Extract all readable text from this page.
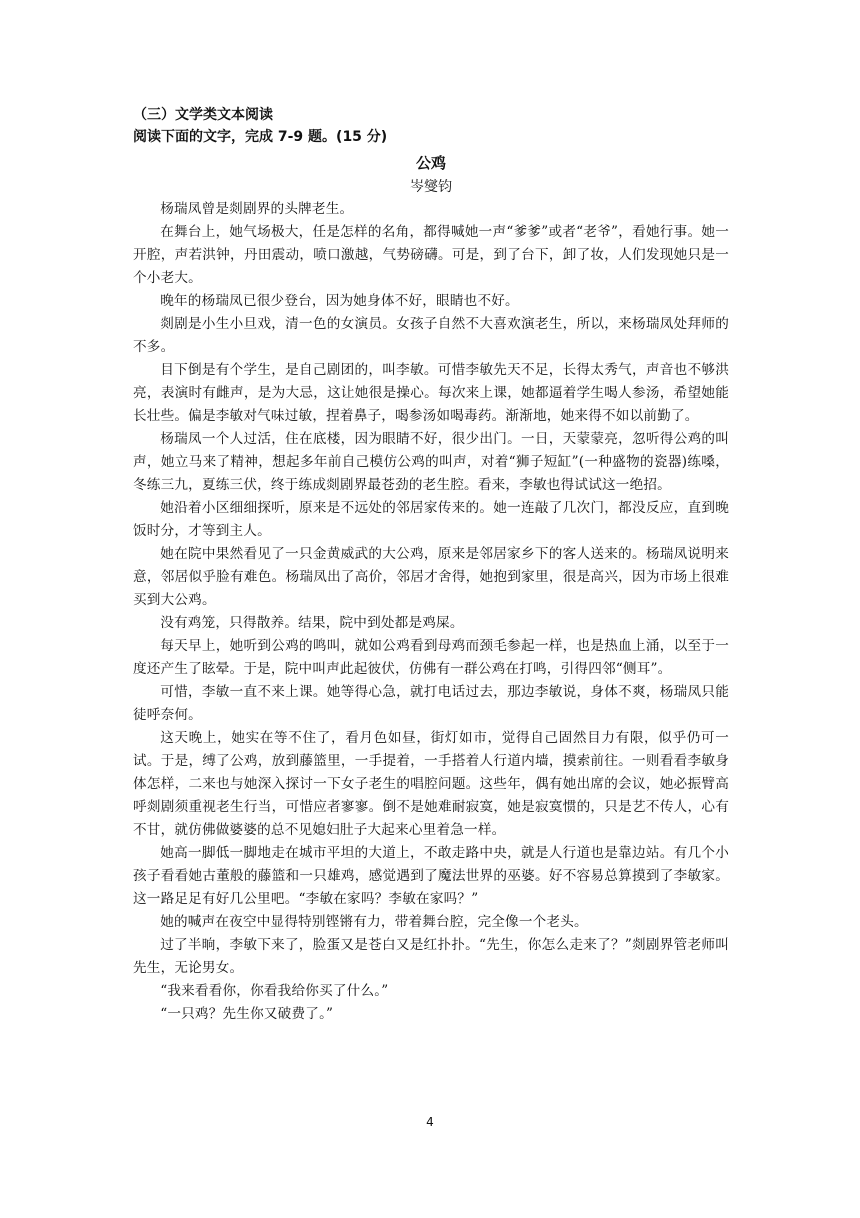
（三）文学类文本阅读

阅读下面的文字，完成 7-9 题。(15 分)

公鸡

岑燮钧

杨瑞凤曾是剡剧界的头牌老生。

在舞台上，她气场极大，任是怎样的名角，都得喊她一声“爹爹”或者“老爷”，看她行事。她一开腔，声若洪钟，丹田震动，喷口激越，气势磅礴。可是，到了台下，卸了妆，人们发现她只是一个小老大。

晚年的杨瑞凤已很少登台，因为她身体不好，眼睛也不好。

剡剧是小生小旦戏，清一色的女演员。女孩子自然不大喜欢演老生，所以，来杨瑞凤处拜师的不多。

目下倒是有个学生，是自己剧团的，叫李敏。可惜李敏先天不足，长得太秀气，声音也不够洪亮，表演时有雌声，是为大忌，这让她很是操心。每次来上课，她都逼着学生喝人参汤，希望她能长壮些。偏是李敏对气味过敏，捏着鼻子，喝参汤如喝毒药。渐渐地，她来得不如以前勤了。

杨瑞凤一个人过活，住在底楼，因为眼睛不好，很少出门。一日，天蒙蒙亮，忽听得公鸡的叫声，她立马来了精神，想起多年前自己模仿公鸡的叫声，对着“狮子短缸”(一种盛物的瓷器)练嗓，冬练三九，夏练三伏，终于练成剡剧界最苍劲的老生腔。看来，李敏也得试试这一绝招。

她沿着小区细细探听，原来是不远处的邻居家传来的。她一连敲了几次门，都没反应，直到晚饭时分，才等到主人。

她在院中果然看见了一只金黄威武的大公鸡，原来是邻居家乡下的客人送来的。杨瑞凤说明来意，邻居似乎脸有难色。杨瑞凤出了高价，邻居才舍得，她抱到家里，很是高兴，因为市场上很难买到大公鸡。

没有鸡笼，只得散养。结果，院中到处都是鸡屎。

每天早上，她听到公鸡的鸣叫，就如公鸡看到母鸡而颈毛参起一样，也是热血上涌，以至于一度还产生了眩晕。于是，院中叫声此起彼伏，仿佛有一群公鸡在打鸣，引得四邻“侧耳”。

可惜，李敏一直不来上课。她等得心急，就打电话过去，那边李敏说，身体不爽，杨瑞凤只能徒呼奈何。

这天晚上，她实在等不住了，看月色如昼，街灯如市，觉得自己固然目力有限，似乎仍可一试。于是，缚了公鸡，放到藤篮里，一手提着，一手搭着人行道内墙，摸索前往。一则看看李敏身体怎样，二来也与她深入探讨一下女子老生的唱腔问题。这些年，偶有她出席的会议，她必振臂高呼剡剧须重视老生行当，可惜应者寥寥。倒不是她难耐寂寞，她是寂寞惯的，只是艺不传人，心有不甘，就仿佛做婆婆的总不见媳妇肚子大起来心里着急一样。

她高一脚低一脚地走在城市平坦的大道上，不敢走路中央，就是人行道也是靠边站。有几个小孩子看看她古董般的藤篮和一只雄鸡，感觉遇到了魔法世界的巫婆。好不容易总算摸到了李敏家。这一路足足有好几公里吧。“李敏在家吗？李敏在家吗？”

她的喊声在夜空中显得特别铿锵有力，带着舞台腔，完全像一个老头。

过了半晌，李敏下来了，脸蛋又是苍白又是红扑扑。“先生，你怎么走来了？”剡剧界管老师叫先生，无论男女。

“我来看看你，你看我给你买了什么。”

“一只鸡？先生你又破费了。”

4
